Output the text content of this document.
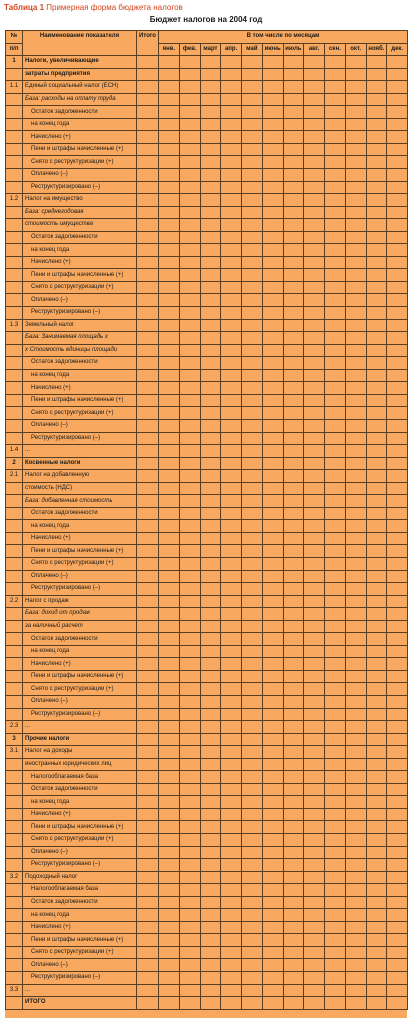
Таблица 1 Примерная форма бюджета налогов
Бюджет налогов на 2004 год
№	Наименование показателя	Итого	В том числе по месяцам											
п/п			янв.	фев.	март	апр.	май	июнь	июль	авг.	сен.	окт.	нояб.	дек.
1	Налоги, увеличивающие													
	затраты предприятия													
1.1	Единый социальный налог (ЕСН)													
	База: расходы на оплату труда													
	Остаток задолженности													
	на конец года													
	Начислено (+)													
	Пени и штрафы начисленные (+)													
	Снято с реструктуризации (+)													
	Оплачено (–)													
	Реструктуризировано (–)													
1.2	Налог на имущество													
	База: среднегодовая													
	стоимость имущества													
	Остаток задолженности													
	на конец года													
	Начислено (+)													
	Пени и штрафы начисленные (+)													
	Снято с реструктуризации (+)													
	Оплачено (–)													
	Реструктуризировано (–)													
1.3	Земельный налог													
	База: Занимаемая площадь х													
	х Стоимость единицы площади													
	Остаток задолженности													
	на конец года													
	Начислено (+)													
	Пени и штрафы начисленные (+)													
	Снято с реструктуризации (+)													
	Оплачено (–)													
	Реструктуризировано (–)													
1.4	...													
2	Косвенные налоги													
2.1	Налог на добавленную													
	стоимость (НДС)													
	База: добавленная стоимость													
	Остаток задолженности													
	на конец года													
	Начислено (+)													
	Пени и штрафы начисленные (+)													
	Снято с реструктуризации (+)													
	Оплачено (–)													
	Реструктуризировано (–)													
2.2	Налог с продаж													
	База: доход от продаж													
	за наличный расчет													
	Остаток задолженности													
	на конец года													
	Начислено (+)													
	Пени и штрафы начисленные (+)													
	Снято с реструктуризации (+)													
	Оплачено (–)													
	Реструктуризировано (–)													
2.3	...													
3	Прочие налоги													
3.1	Налог на доходы													
	иностранных юридических лиц													
	Налогооблагаемая база													
	Остаток задолженности													
	на конец года													
	Начислено (+)													
	Пени и штрафы начисленные (+)													
	Снято с реструктуризации (+)													
	Оплачено (–)													
	Реструктуризировано (–)													
3.2	Подоходный налог													
	Налогооблагаемая база													
	Остаток задолженности													
	на конец года													
	Начислено (+)													
	Пени и штрафы начисленные (+)													
	Снято с реструктуризации (+)													
	Оплачено (–)													
	Реструктуризировано (–)													
3.3	...													
	ИТОГО													
